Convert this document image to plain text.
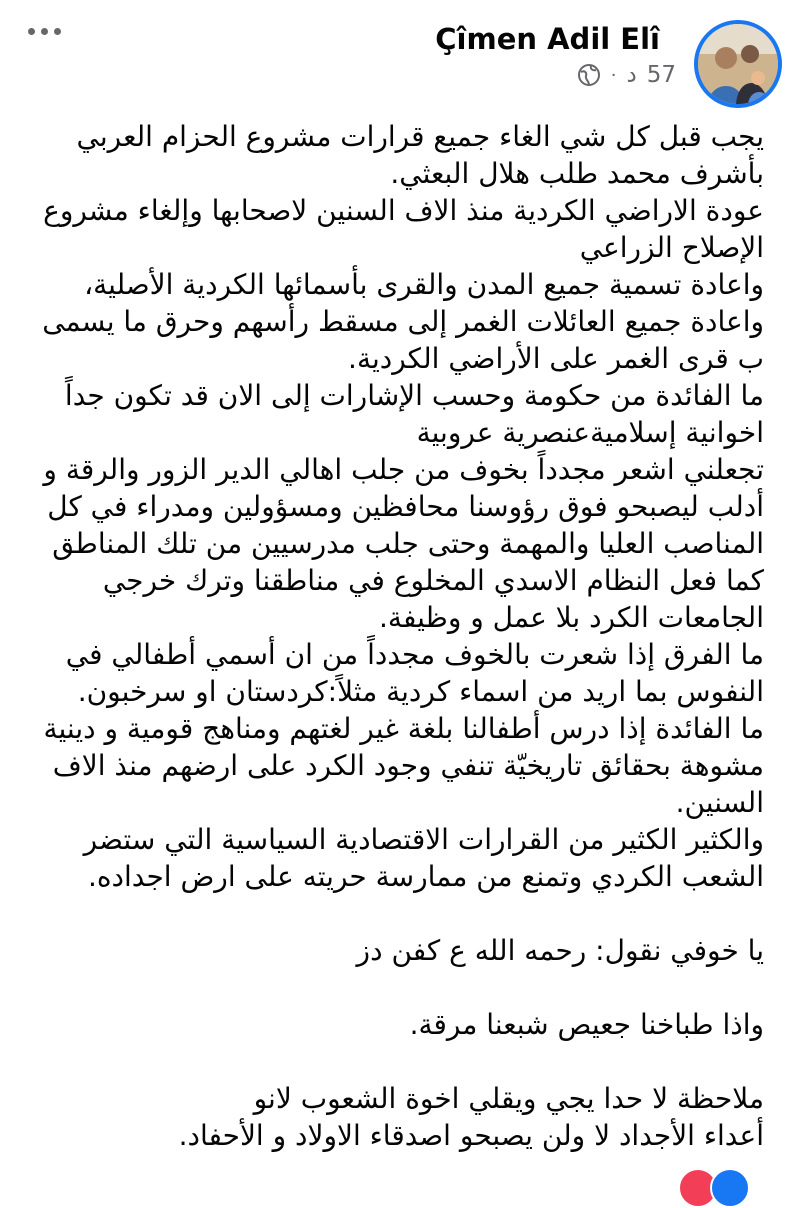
Çîmen Adil Elî
· د 57

يجب قبل كل شي الغاء جميع قرارات مشروع الحزام العربي

بأشرف محمد طلب هلال البعثي.

عودة الاراضي الكردية منذ الاف السنين لاصحابها وإلغاء مشروع

الإصلاح الزراعي

واعادة تسمية جميع المدن والقرى بأسمائها الكردية الأصلية،

واعادة جميع العائلات الغمر إلى مسقط رأسهم وحرق ما يسمى

ب قرى الغمر على الأراضي الكردية.

ما الفائدة من حكومة وحسب الإشارات إلى الان قد تكون جداً

اخوانية إسلاميةعنصرية عروبية

تجعلني اشعر مجدداً بخوف من جلب اهالي الدير الزور والرقة و

أدلب ليصبحو فوق رؤوسنا محافظين ومسؤولين ومدراء في كل

المناصب العليا والمهمة وحتى جلب مدرسيين من تلك المناطق

كما فعل النظام الاسدي المخلوع في مناطقنا وترك خرجي

الجامعات الكرد بلا عمل و وظيفة.

ما الفرق إذا شعرت بالخوف مجدداً من ان أسمي أطفالي في

النفوس بما اريد من اسماء كردية مثلاً:كردستان او سرخبون.

ما الفائدة إذا درس أطفالنا بلغة غير لغتهم ومناهج قومية و دينية

مشوهة بحقائق تاريخيّة تنفي وجود الكرد على ارضهم منذ الاف

السنين.

والكثير الكثير من القرارات الاقتصادية السياسية التي ستضر

الشعب الكردي وتمنع من ممارسة حريته على ارض اجداده.

يا خوفي نقول: رحمه الله ع كفن دز

واذا طباخنا جعيص شبعنا مرقة.

ملاحظة لا حدا يجي ويقلي اخوة الشعوب لانو

أعداء الأجداد لا ولن يصبحو اصدقاء الاولاد و الأحفاد.
